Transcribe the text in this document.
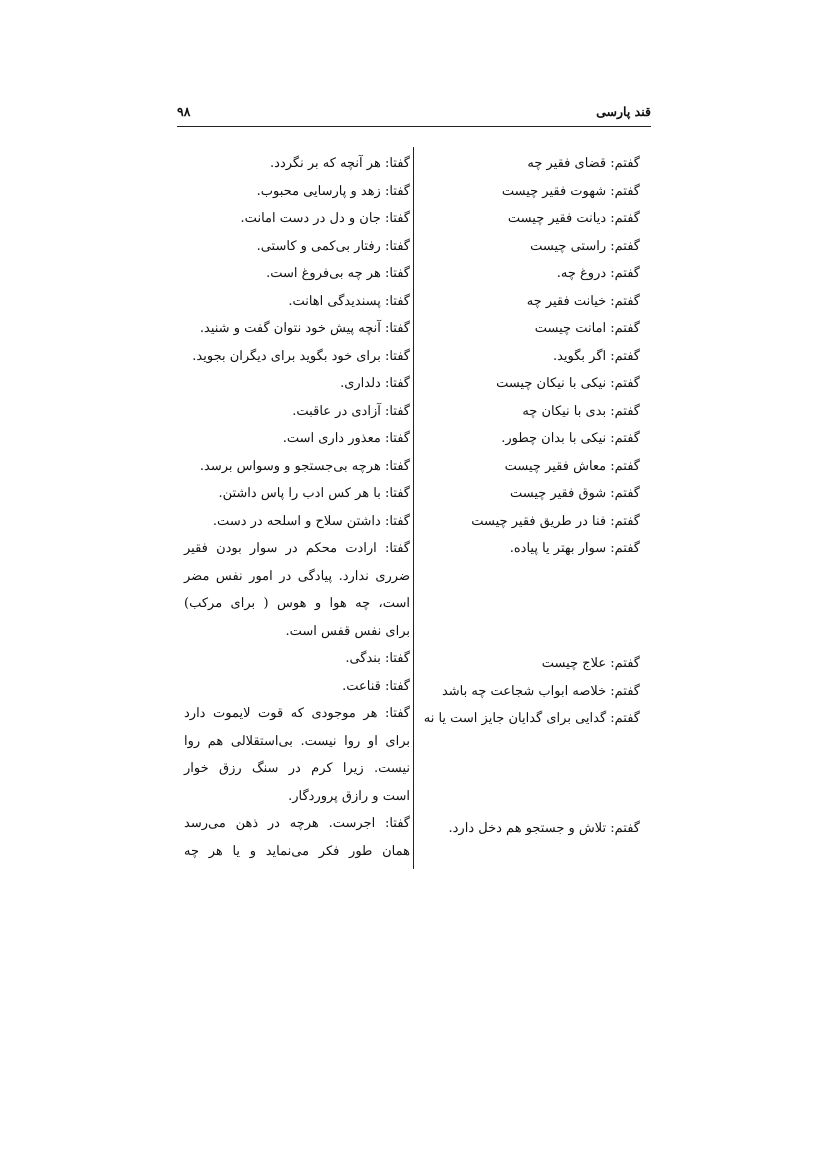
قند پارسی
۹۸
گفتم: قضای فقیر چه
گفتم: شهوت فقیر چیست
گفتم: دیانت فقیر چیست
گفتم: راستی چیست
گفتم: دروغ چه.
گفتم: خیانت فقیر چه
گفتم: امانت چیست
گفتم: اگر بگوید.
گفتم: نیکی با نیکان چیست
گفتم: بدی با نیکان چه
گفتم: نیکی با بدان چطور.
گفتم: معاش فقیر چیست
گفتم: شوق فقیر چیست
گفتم: فنا در طریق فقیر چیست
گفتم: سوار بهتر یا پیاده.
گفتم: علاج چیست
گفتم: خلاصه ابواب شجاعت چه باشد
گفتم: گدایی برای گدایان جایز است یا نه
گفتم: تلاش و جستجو هم دخل دارد.
گفتا: هر آنچه که بر نگردد.
گفتا: زهد و پارسایی محبوب.
گفتا: جان و دل در دست امانت.
گفتا: رفتار بی‌کمی و کاستی.
گفتا: هر چه بی‌فروغ است.
گفتا: پسندیدگی اهانت.
گفتا: آنچه پیش خود نتوان گفت و شنید.
گفتا: برای خود بگوید برای دیگران بجوید.
گفتا: دلداری.
گفتا: آزادی در عاقبت.
گفتا: معذور داری است.
گفتا: هرچه بی‌جستجو و وسواس برسد.
گفتا: با هر کس ادب را پاس داشتن.
گفتا: داشتن سلاح و اسلحه در دست.
گفتا: ارادت محکم در سوار بودن فقیر
ضرری ندارد. پیادگی در امور نفس مضر
است، چه هوا و هوس ( برای مرکب)
برای نفس قفس است.
گفتا: بندگی.
گفتا: قناعت.
گفتا: هر موجودی که قوت لایموت دارد
برای او روا نیست. بی‌استقلالی هم روا
نیست. زیرا کرم در سنگ رزق خوار
است و رازق پروردگار.
گفتا: اجرست. هرچه در ذهن می‌رسد
همان طور فکر می‌نماید و یا هر چه
